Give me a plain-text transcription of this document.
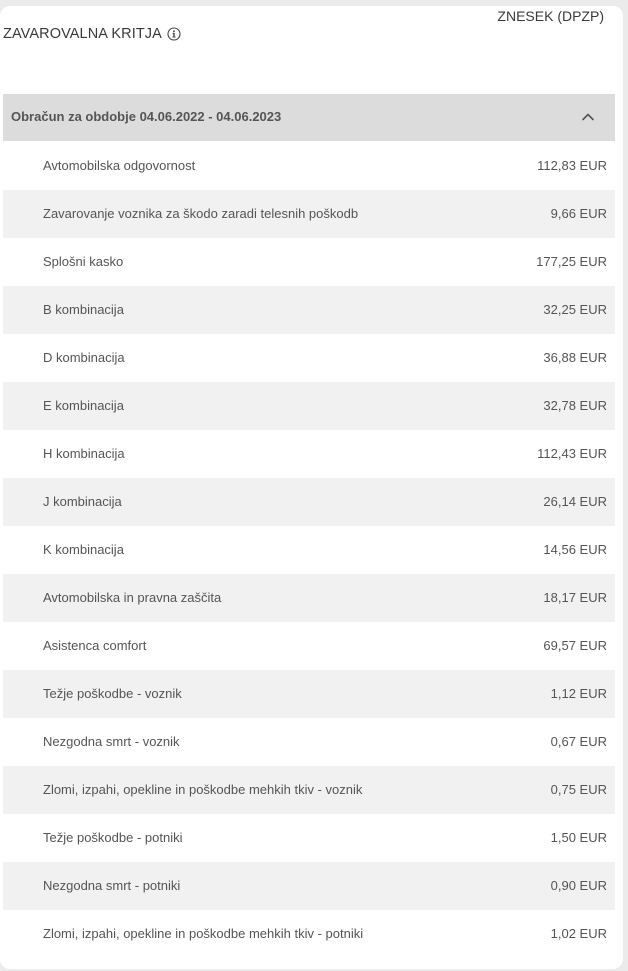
ZAVAROVALNA KRITJA
ZNESEK (DPZP)
Obračun za obdobje 04.06.2022 - 04.06.2023
Avtomobilska odgovornost	112,83 EUR
Zavarovanje voznika za škodo zaradi telesnih poškodb	9,66 EUR
Splošni kasko	177,25 EUR
B kombinacija	32,25 EUR
D kombinacija	36,88 EUR
E kombinacija	32,78 EUR
H kombinacija	112,43 EUR
J kombinacija	26,14 EUR
K kombinacija	14,56 EUR
Avtomobilska in pravna zaščita	18,17 EUR
Asistenca comfort	69,57 EUR
Težje poškodbe - voznik	1,12 EUR
Nezgodna smrt - voznik	0,67 EUR
Zlomi, izpahi, opekline in poškodbe mehkih tkiv - voznik	0,75 EUR
Težje poškodbe - potniki	1,50 EUR
Nezgodna smrt - potniki	0,90 EUR
Zlomi, izpahi, opekline in poškodbe mehkih tkiv - potniki	1,02 EUR
